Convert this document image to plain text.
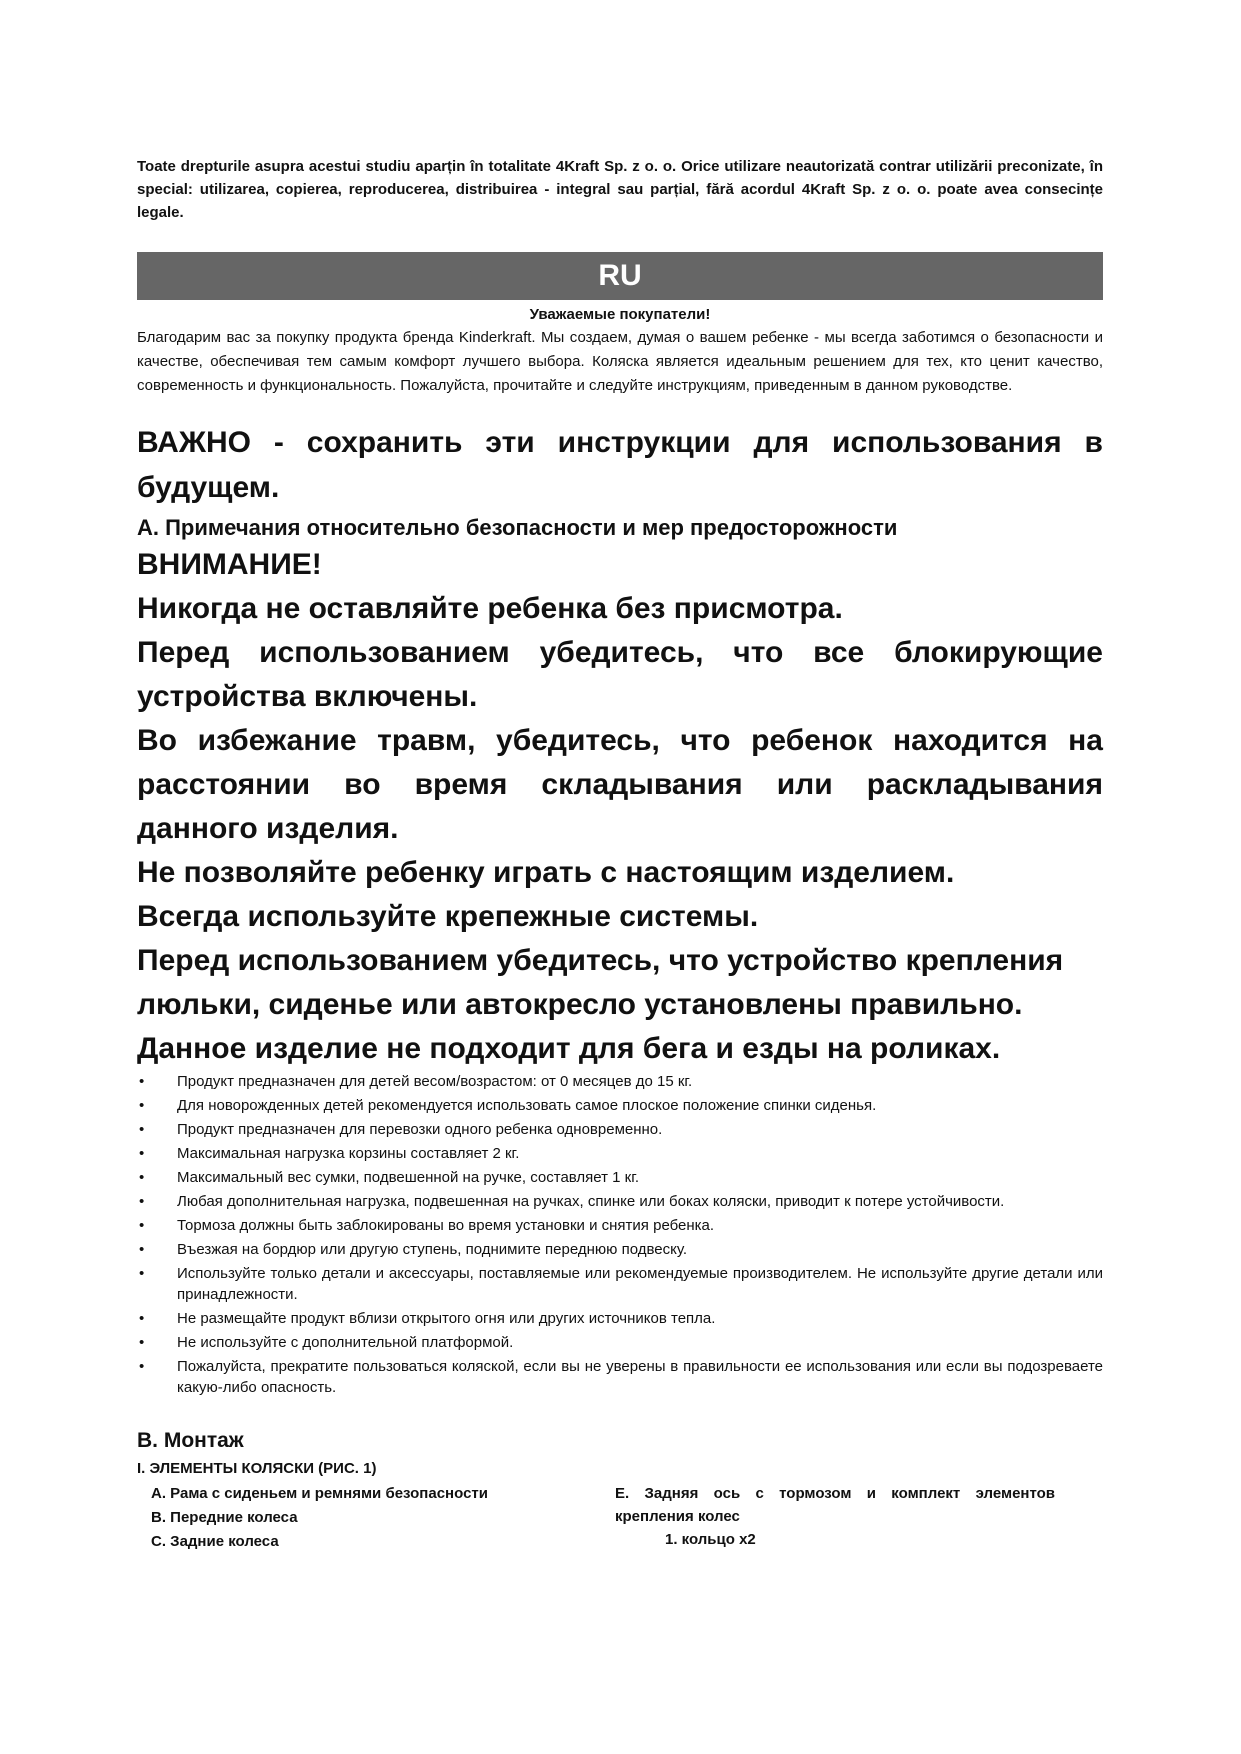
Toate drepturile asupra acestui studiu aparțin în totalitate 4Kraft Sp. z o. o. Orice utilizare neautorizată contrar utilizării preconizate, în special: utilizarea, copierea, reproducerea, distribuirea - integral sau parțial, fără acordul 4Kraft Sp. z o. o. poate avea consecințe legale.
RU
Уважаемые покупатели!
Благодарим вас за покупку продукта бренда Kinderkraft. Мы создаем, думая о вашем ребенке - мы всегда заботимся о безопасности и качестве, обеспечивая тем самым комфорт лучшего выбора. Коляска является идеальным решением для тех, кто ценит качество, современность и функциональность. Пожалуйста, прочитайте и следуйте инструкциям, приведенным в данном руководстве.
ВАЖНО - сохранить эти инструкции для использования в будущем.
A. Примечания относительно безопасности и мер предосторожности

ВНИМАНИЕ!

Никогда не оставляйте ребенка без присмотра.

Перед использованием убедитесь, что все блокирующие устройства включены.

Во избежание травм, убедитесь, что ребенок находится на расстоянии во время складывания или раскладывания данного изделия.

Не позволяйте ребенку играть с настоящим изделием.

Всегда используйте крепежные системы.

Перед использованием убедитесь, что устройство крепления люльки, сиденье или автокресло установлены правильно.

Данное изделие не подходит для бега и езды на роликах.

• Продукт предназначен для детей весом/возрастом: от 0 месяцев до 15 кг.
• Для новорожденных детей рекомендуется использовать самое плоское положение спинки сиденья.
• Продукт предназначен для перевозки одного ребенка одновременно.
• Максимальная нагрузка корзины составляет 2 кг.
• Максимальный вес сумки, подвешенной на ручке, составляет 1 кг.
• Любая дополнительная нагрузка, подвешенная на ручках, спинке или боках коляски, приводит к потере устойчивости.
• Тормоза должны быть заблокированы во время установки и снятия ребенка.
• Въезжая на бордюр или другую ступень, поднимите переднюю подвеску.
• Используйте только детали и аксессуары, поставляемые или рекомендуемые производителем. Не используйте другие детали или принадлежности.
• Не размещайте продукт вблизи открытого огня или других источников тепла.
• Не используйте с дополнительной платформой.
• Пожалуйста, прекратите пользоваться коляской, если вы не уверены в правильности ее использования или если вы подозреваете какую-либо опасность.
B. Монтаж
I. ЭЛЕМЕНТЫ КОЛЯСКИ (РИС. 1)
A. Рама с сиденьем и ремнями безопасности
B. Передние колеса
C. Задние колеса
E. Задняя ось с тормозом и комплект элементов крепления колес
1. кольцо x2
